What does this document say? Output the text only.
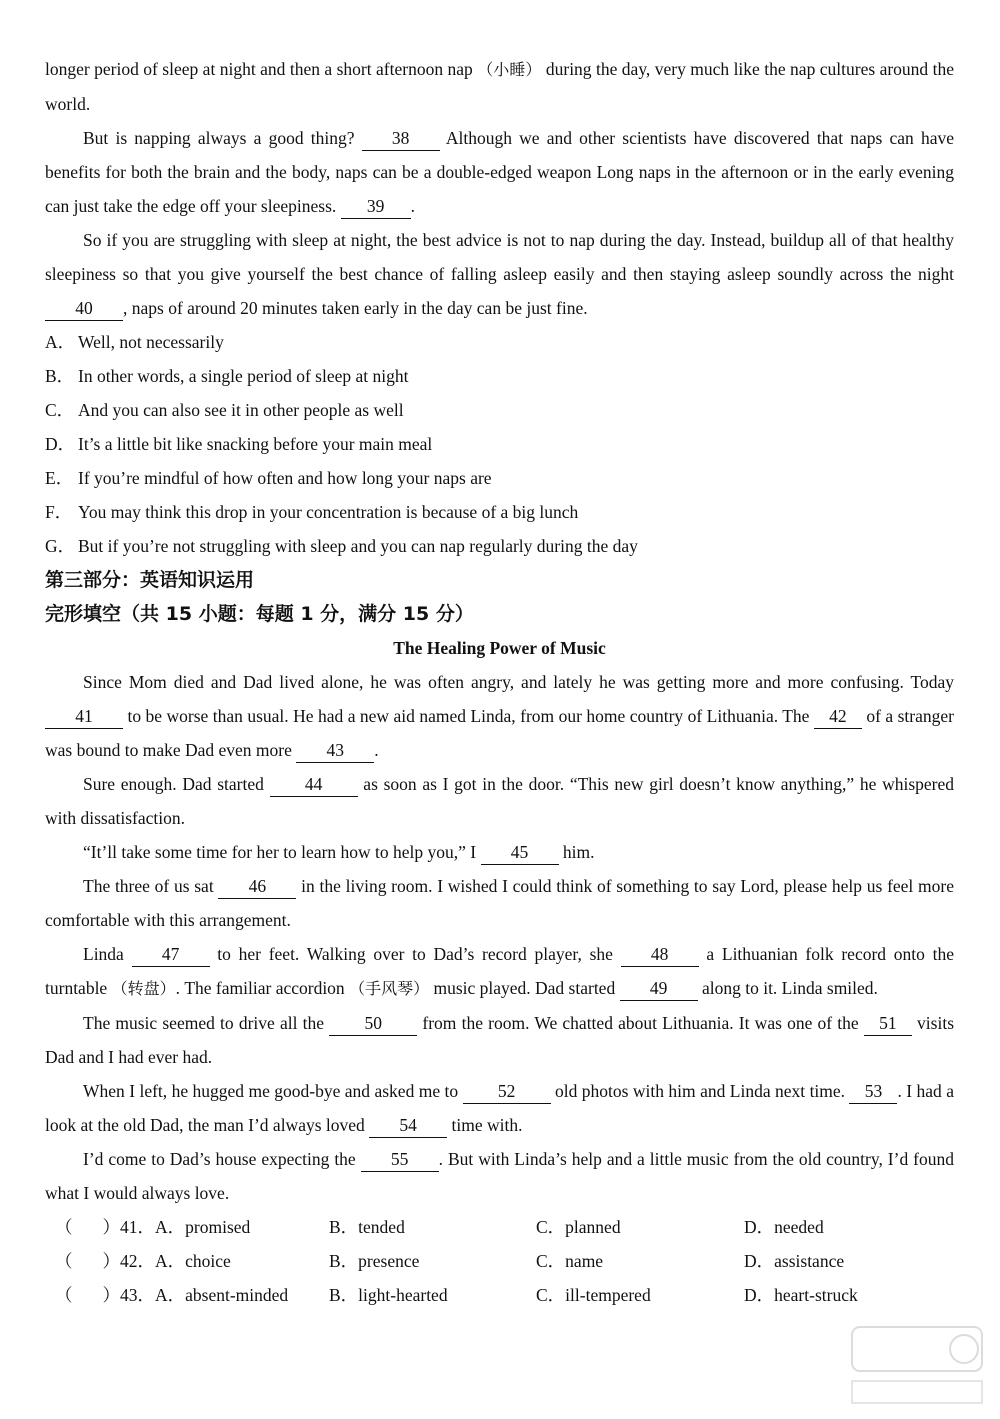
longer period of sleep at night and then a short afternoon nap （小睡） during the day, very much like the nap cultures around the world.

But is napping always a good thing? 38 Although we and other scientists have discovered that naps can have benefits for both the brain and the body, naps can be a double-edged weapon Long naps in the afternoon or in the early evening can just take the edge off your sleepiness. 39 .

So if you are struggling with sleep at night, the best advice is not to nap during the day. Instead, buildup all of that healthy sleepiness so that you give yourself the best chance of falling asleep easily and then staying asleep soundly across the night 40 , naps of around 20 minutes taken early in the day can be just fine.

A． Well, not necessarily

B． In other words, a single period of sleep at night

C． And you can also see it in other people as well

D． It’s a little bit like snacking before your main meal

E． If you’re mindful of how often and how long your naps are

F． You may think this drop in your concentration is because of a big lunch

G． But if you’re not struggling with sleep and you can nap regularly during the day

第三部分：英语知识运用

完形填空（共 15 小题：每题 1 分，满分 15 分）

The Healing Power of Music

Since Mom died and Dad lived alone, he was often angry, and lately he was getting more and more confusing. Today 41 to be worse than usual. He had a new aid named Linda, from our home country of Lithuania. The 42 of a stranger was bound to make Dad even more 43 .

Sure enough. Dad started 44 as soon as I got in the door. “This new girl doesn’t know anything,” he whispered with dissatisfaction.

“It’ll take some time for her to learn how to help you,” I 45 him.

The three of us sat 46 in the living room. I wished I could think of something to say Lord, please help us feel more comfortable with this arrangement.

Linda 47 to her feet. Walking over to Dad’s record player, she 48 a Lithuanian folk record onto the turntable （转盘）. The familiar accordion （手风琴） music played. Dad started 49 along to it. Linda smiled.

The music seemed to drive all the 50 from the room. We chatted about Lithuania. It was one of the 51 visits Dad and I had ever had.

When I left, he hugged me good-bye and asked me to 52 old photos with him and Linda next time. 53 . I had a look at the old Dad, the man I’d always loved 54 time with.

I’d come to Dad’s house expecting the 55 . But with Linda’s help and a little music from the old country, I’d found what I would always love.

（	） 41． A．promised	B．tended	C．planned	D．needed
（	） 42． A．choice	B．presence	C．name	D．assistance
（	） 43． A．absent-minded	B．light-hearted	C．ill-tempered	D．heart-struck
